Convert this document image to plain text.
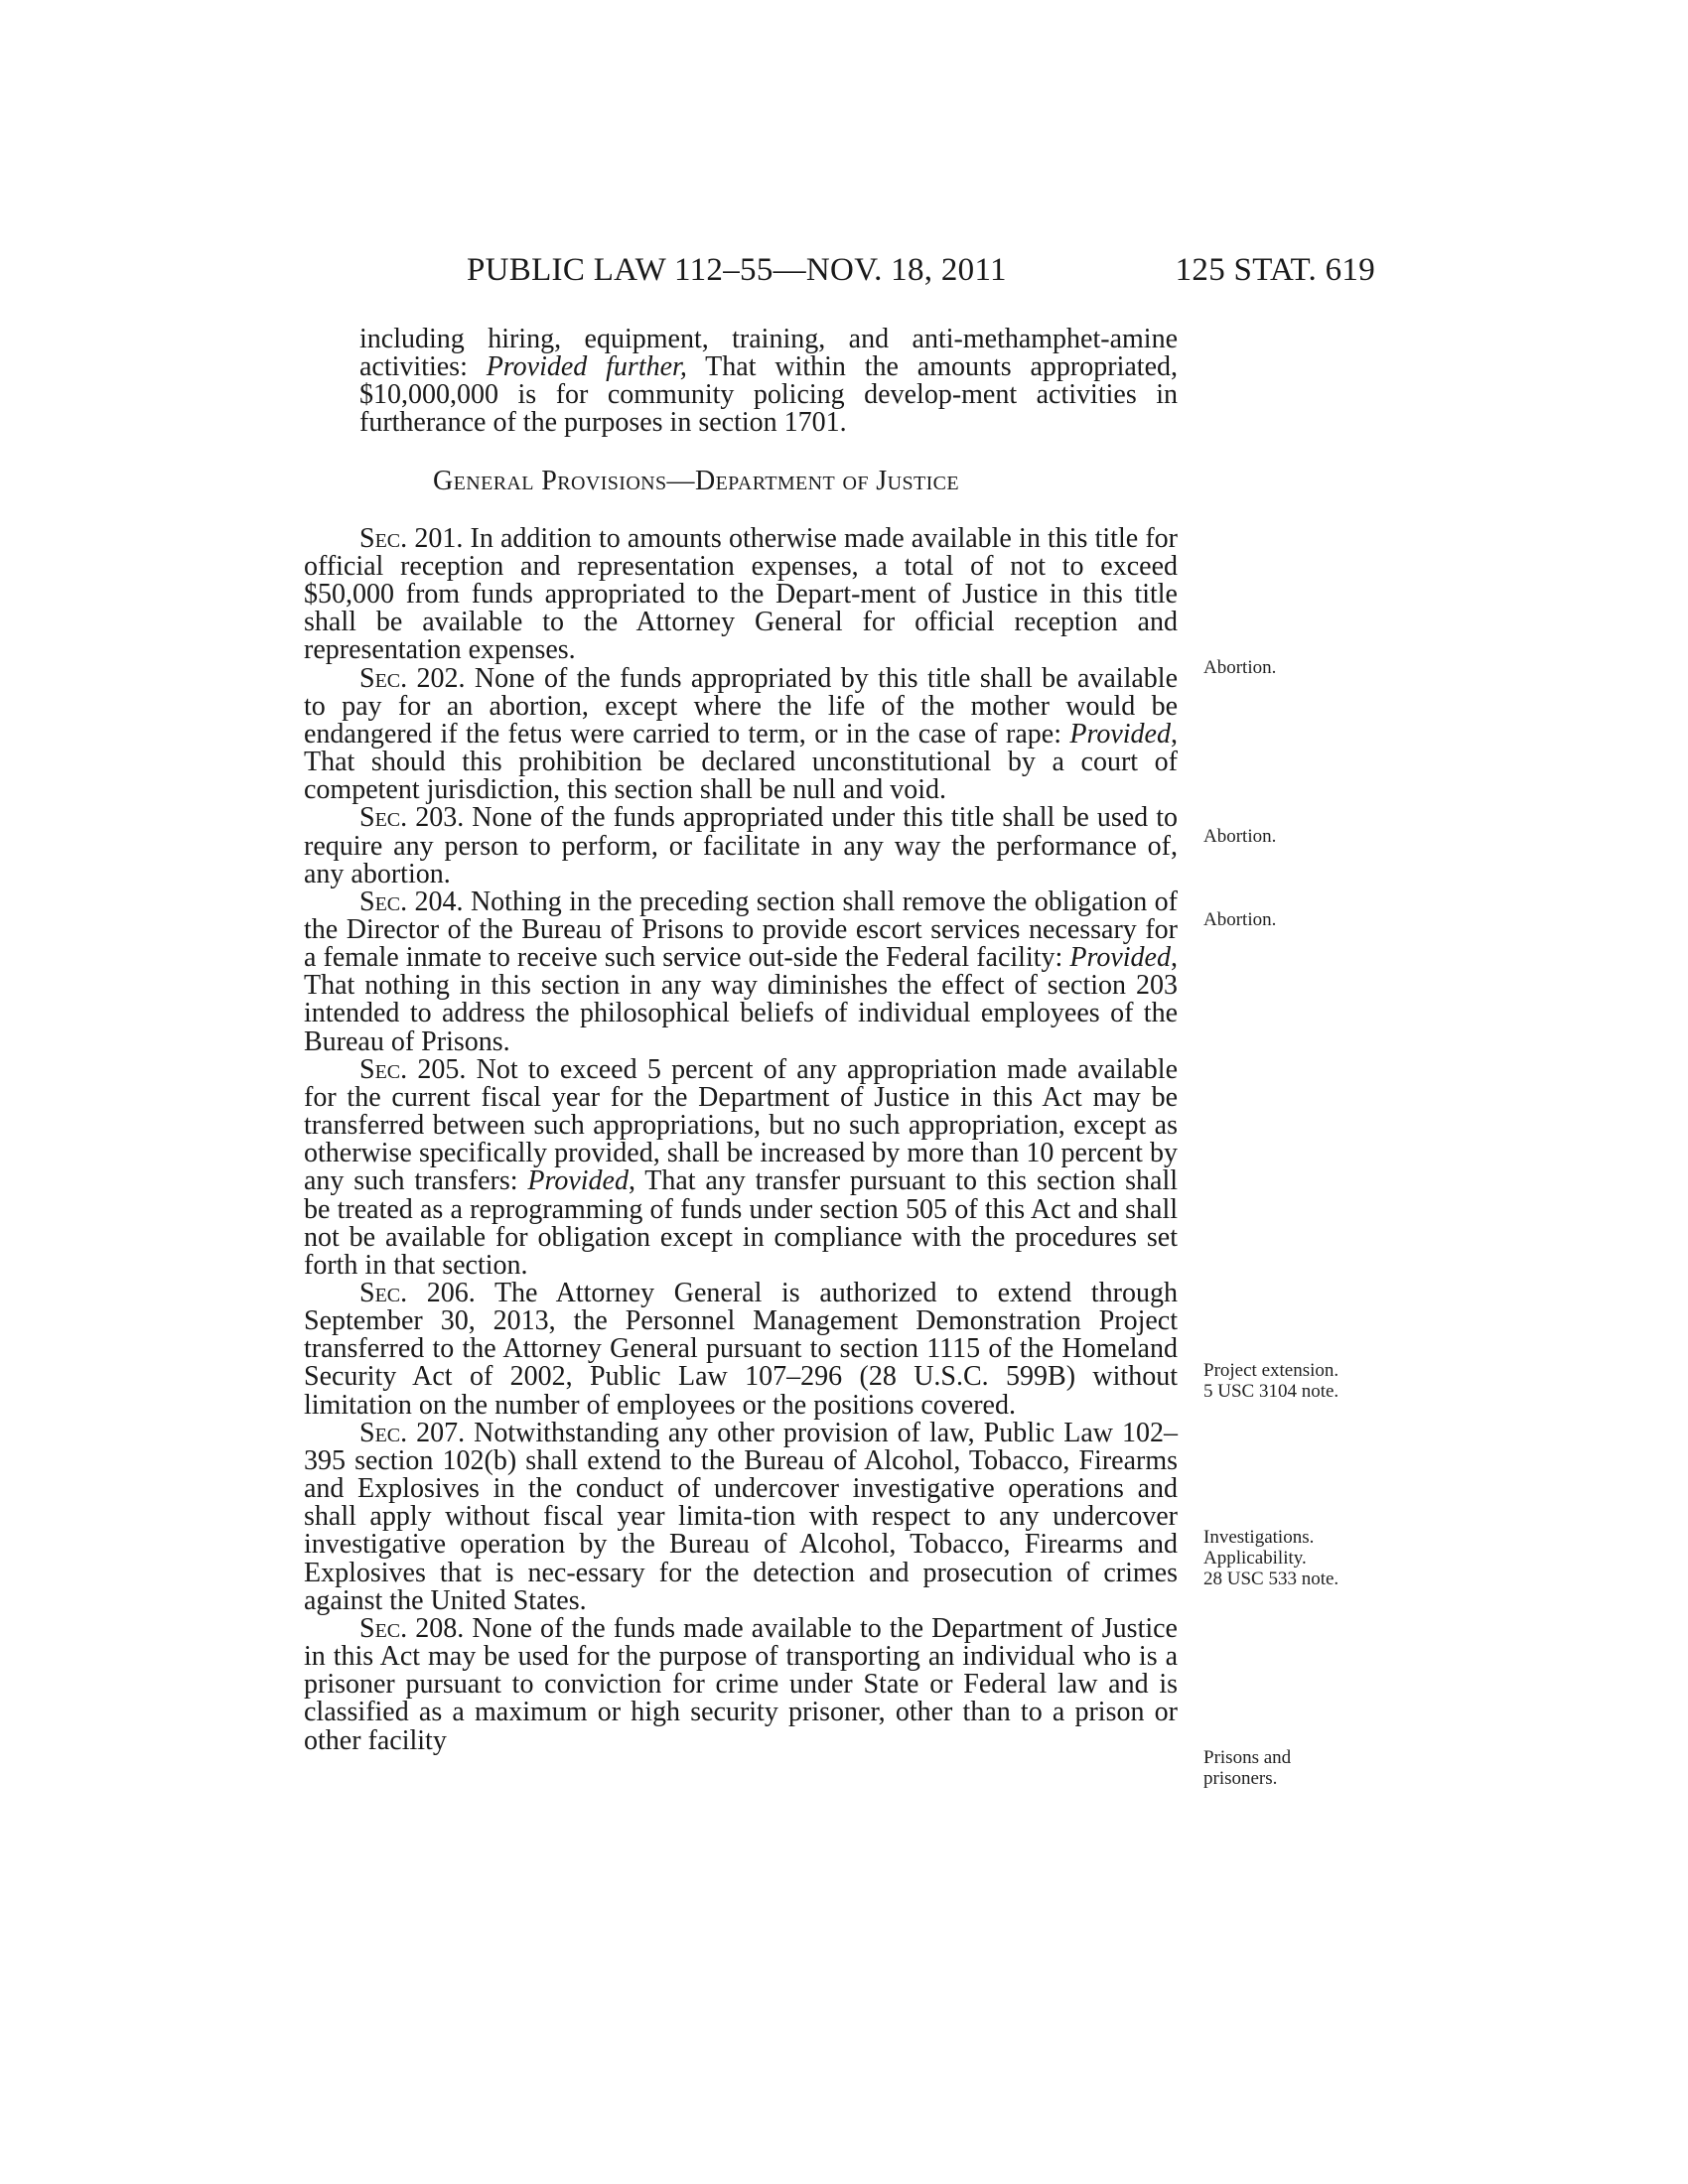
PUBLIC LAW 112–55—NOV. 18, 2011	125 STAT. 619

including hiring, equipment, training, and anti-methamphet-amine activities: Provided further, That within the amounts appropriated, $10,000,000 is for community policing develop-ment activities in furtherance of the purposes in section 1701.

General Provisions—Department of Justice

Sec. 201. In addition to amounts otherwise made available in this title for official reception and representation expenses, a total of not to exceed $50,000 from funds appropriated to the Depart-ment of Justice in this title shall be available to the Attorney General for official reception and representation expenses.

Sec. 202. None of the funds appropriated by this title shall be available to pay for an abortion, except where the life of the mother would be endangered if the fetus were carried to term, or in the case of rape: Provided, That should this prohibition be declared unconstitutional by a court of competent jurisdiction, this section shall be null and void.

Sec. 203. None of the funds appropriated under this title shall be used to require any person to perform, or facilitate in any way the performance of, any abortion.

Sec. 204. Nothing in the preceding section shall remove the obligation of the Director of the Bureau of Prisons to provide escort services necessary for a female inmate to receive such service out-side the Federal facility: Provided, That nothing in this section in any way diminishes the effect of section 203 intended to address the philosophical beliefs of individual employees of the Bureau of Prisons.

Sec. 205. Not to exceed 5 percent of any appropriation made available for the current fiscal year for the Department of Justice in this Act may be transferred between such appropriations, but no such appropriation, except as otherwise specifically provided, shall be increased by more than 10 percent by any such transfers: Provided, That any transfer pursuant to this section shall be treated as a reprogramming of funds under section 505 of this Act and shall not be available for obligation except in compliance with the procedures set forth in that section.

Sec. 206. The Attorney General is authorized to extend through September 30, 2013, the Personnel Management Demonstration Project transferred to the Attorney General pursuant to section 1115 of the Homeland Security Act of 2002, Public Law 107–296 (28 U.S.C. 599B) without limitation on the number of employees or the positions covered.

Sec. 207. Notwithstanding any other provision of law, Public Law 102–395 section 102(b) shall extend to the Bureau of Alcohol, Tobacco, Firearms and Explosives in the conduct of undercover investigative operations and shall apply without fiscal year limita-tion with respect to any undercover investigative operation by the Bureau of Alcohol, Tobacco, Firearms and Explosives that is nec-essary for the detection and prosecution of crimes against the United States.

Sec. 208. None of the funds made available to the Department of Justice in this Act may be used for the purpose of transporting an individual who is a prisoner pursuant to conviction for crime under State or Federal law and is classified as a maximum or high security prisoner, other than to a prison or other facility

Abortion.
Abortion.
Abortion.
Project extension.
5 USC 3104 note.
Investigations.
Applicability.
28 USC 533 note.
Prisons and
prisoners.
